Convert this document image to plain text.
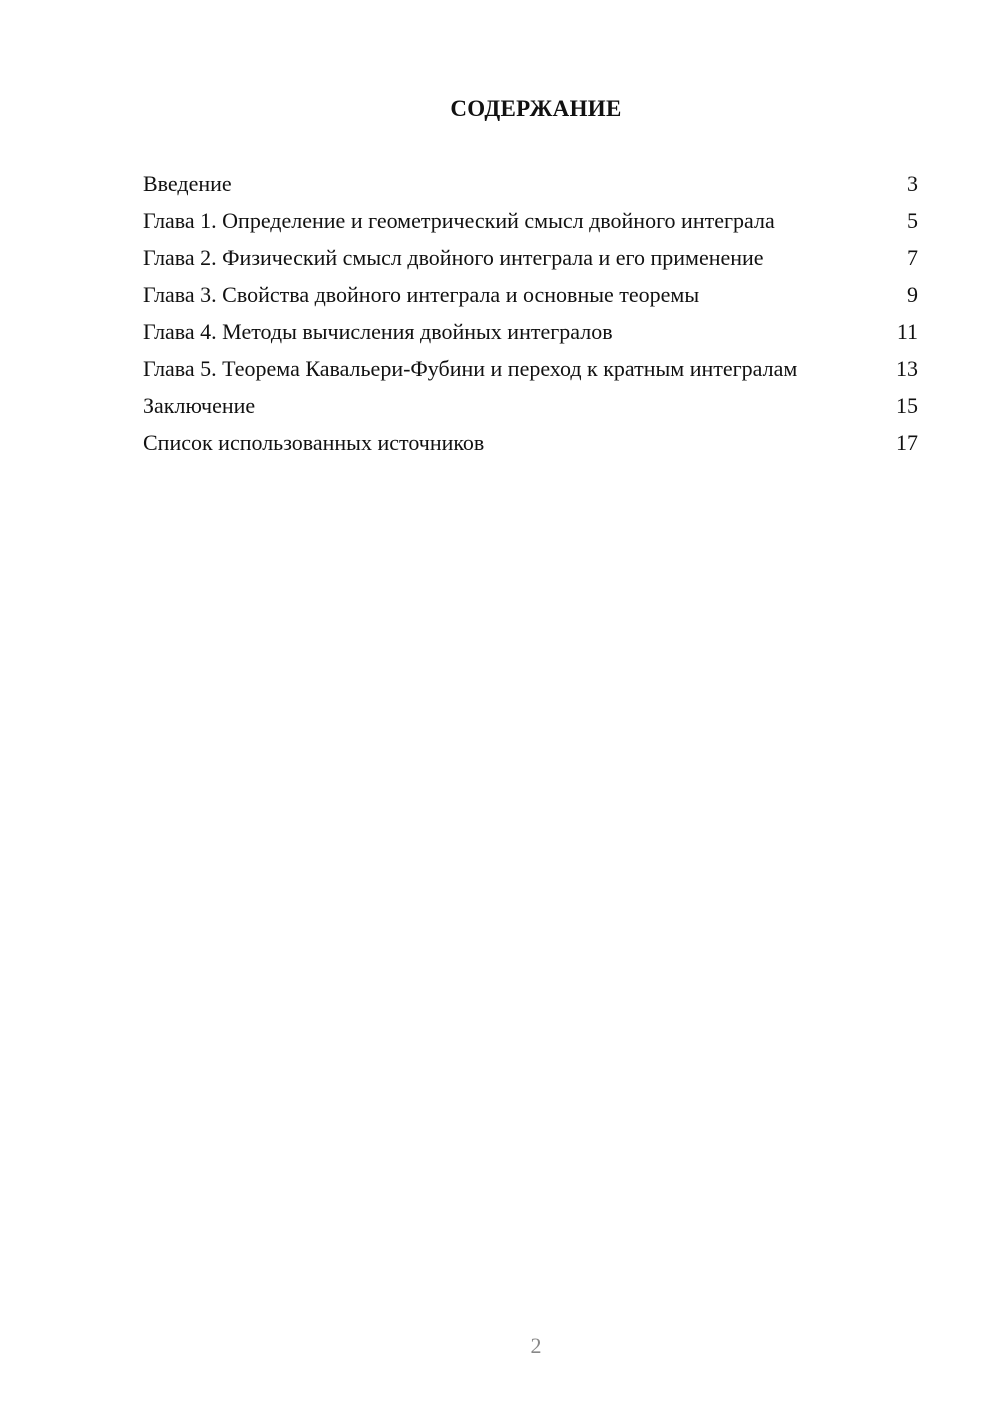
СОДЕРЖАНИЕ
Введение	3
Глава 1. Определение и геометрический смысл двойного интеграла	5
Глава 2. Физический смысл двойного интеграла и его применение	7
Глава 3. Свойства двойного интеграла и основные теоремы	9
Глава 4. Методы вычисления двойных интегралов	11
Глава 5. Теорема Кавальери-Фубини и переход к кратным интегралам	13
Заключение	15
Список использованных источников	17
2
